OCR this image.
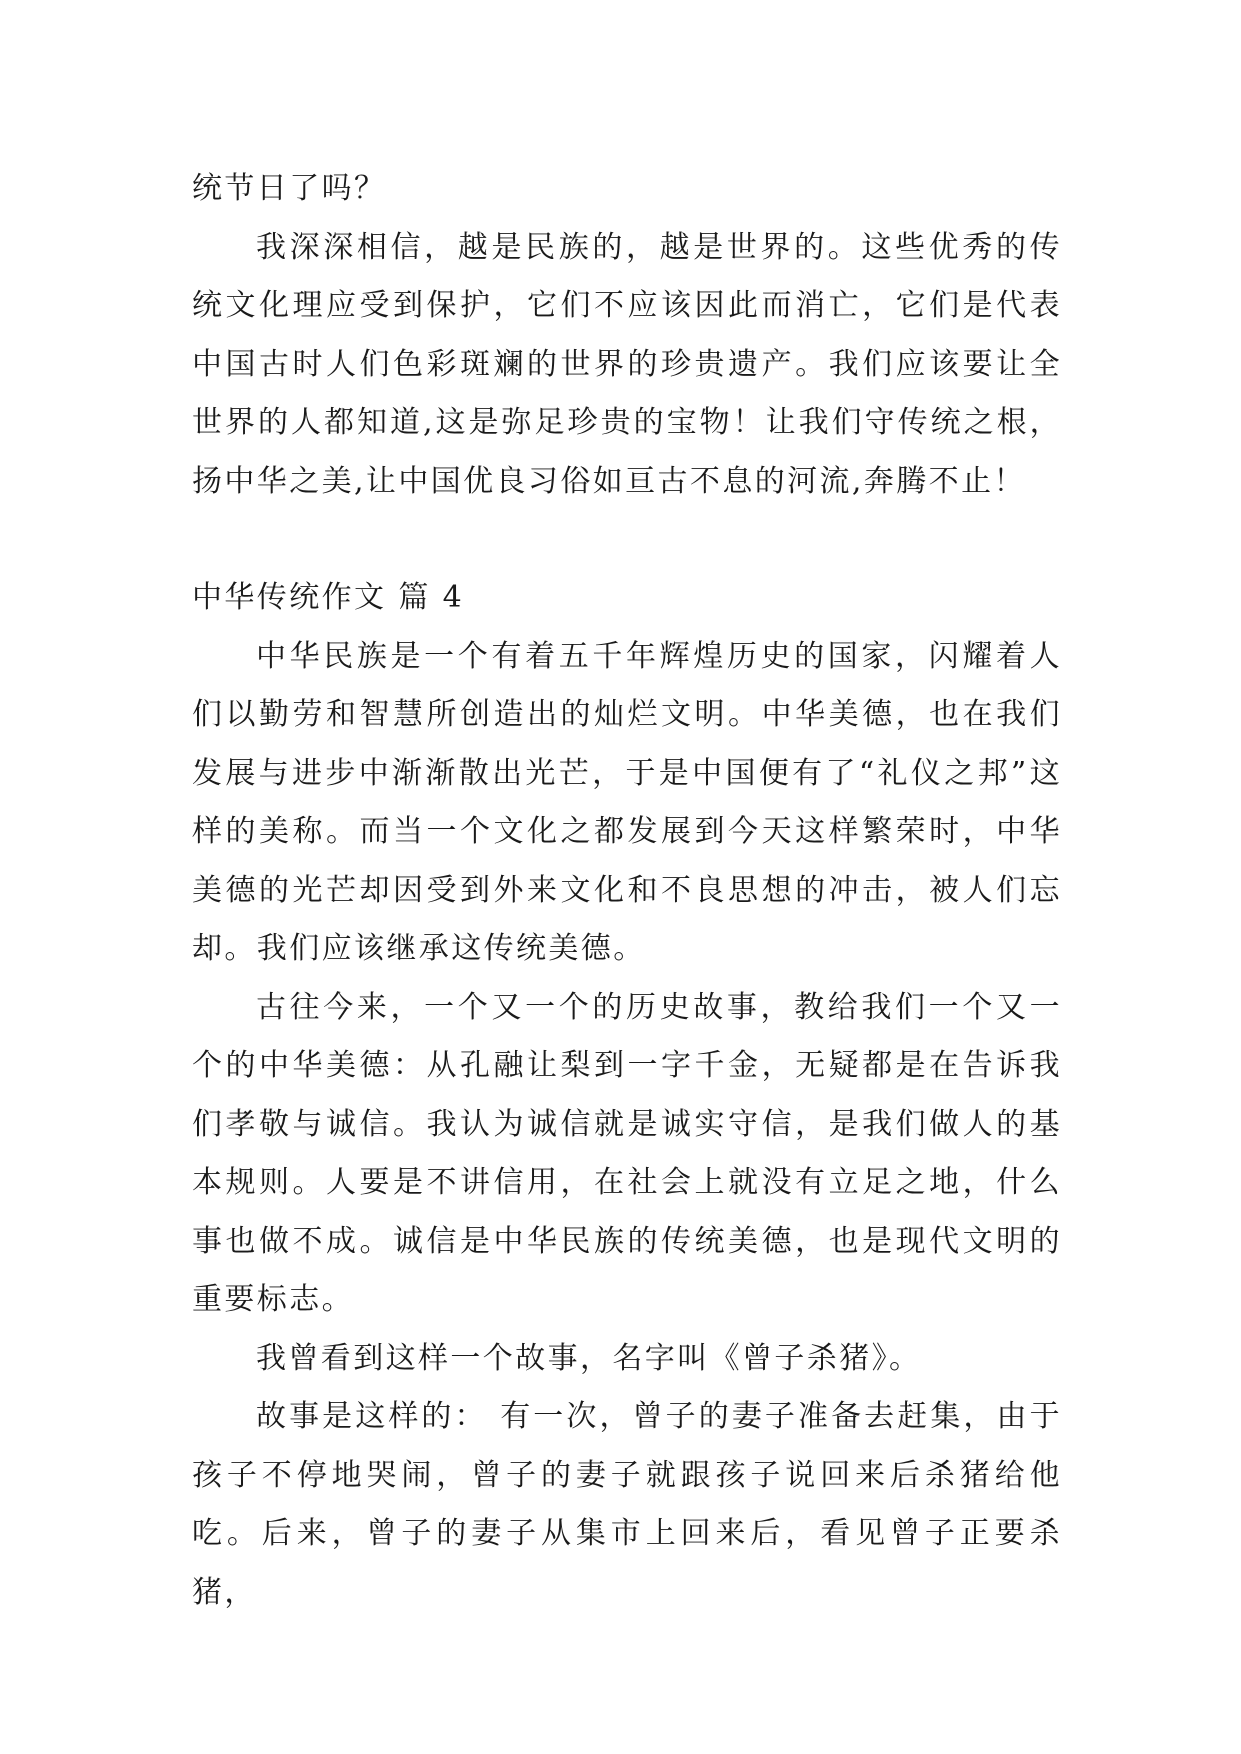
统节日了吗？

我深深相信，越是民族的，越是世界的。这些优秀的传统文化理应受到保护，它们不应该因此而消亡，它们是代表中国古时人们色彩斑斓的世界的珍贵遗产。我们应该要让全世界的人都知道,这是弥足珍贵的宝物！让我们守传统之根，扬中华之美,让中国优良习俗如亘古不息的河流,奔腾不止！

中华传统作文 篇 4

中华民族是一个有着五千年辉煌历史的国家，闪耀着人们以勤劳和智慧所创造出的灿烂文明。中华美德，也在我们发展与进步中渐渐散出光芒，于是中国便有了“礼仪之邦”这样的美称。而当一个文化之都发展到今天这样繁荣时，中华美德的光芒却因受到外来文化和不良思想的冲击，被人们忘却。我们应该继承这传统美德。

古往今来，一个又一个的历史故事，教给我们一个又一个的中华美德：从孔融让梨到一字千金，无疑都是在告诉我们孝敬与诚信。我认为诚信就是诚实守信，是我们做人的基本规则。人要是不讲信用，在社会上就没有立足之地，什么事也做不成。诚信是中华民族的传统美德，也是现代文明的重要标志。

我曾看到这样一个故事，名字叫《曾子杀猪》。

故事是这样的： 有一次，曾子的妻子准备去赶集，由于孩子不停地哭闹，曾子的妻子就跟孩子说回来后杀猪给他吃。后来，曾子的妻子从集市上回来后，看见曾子正要杀猪，
